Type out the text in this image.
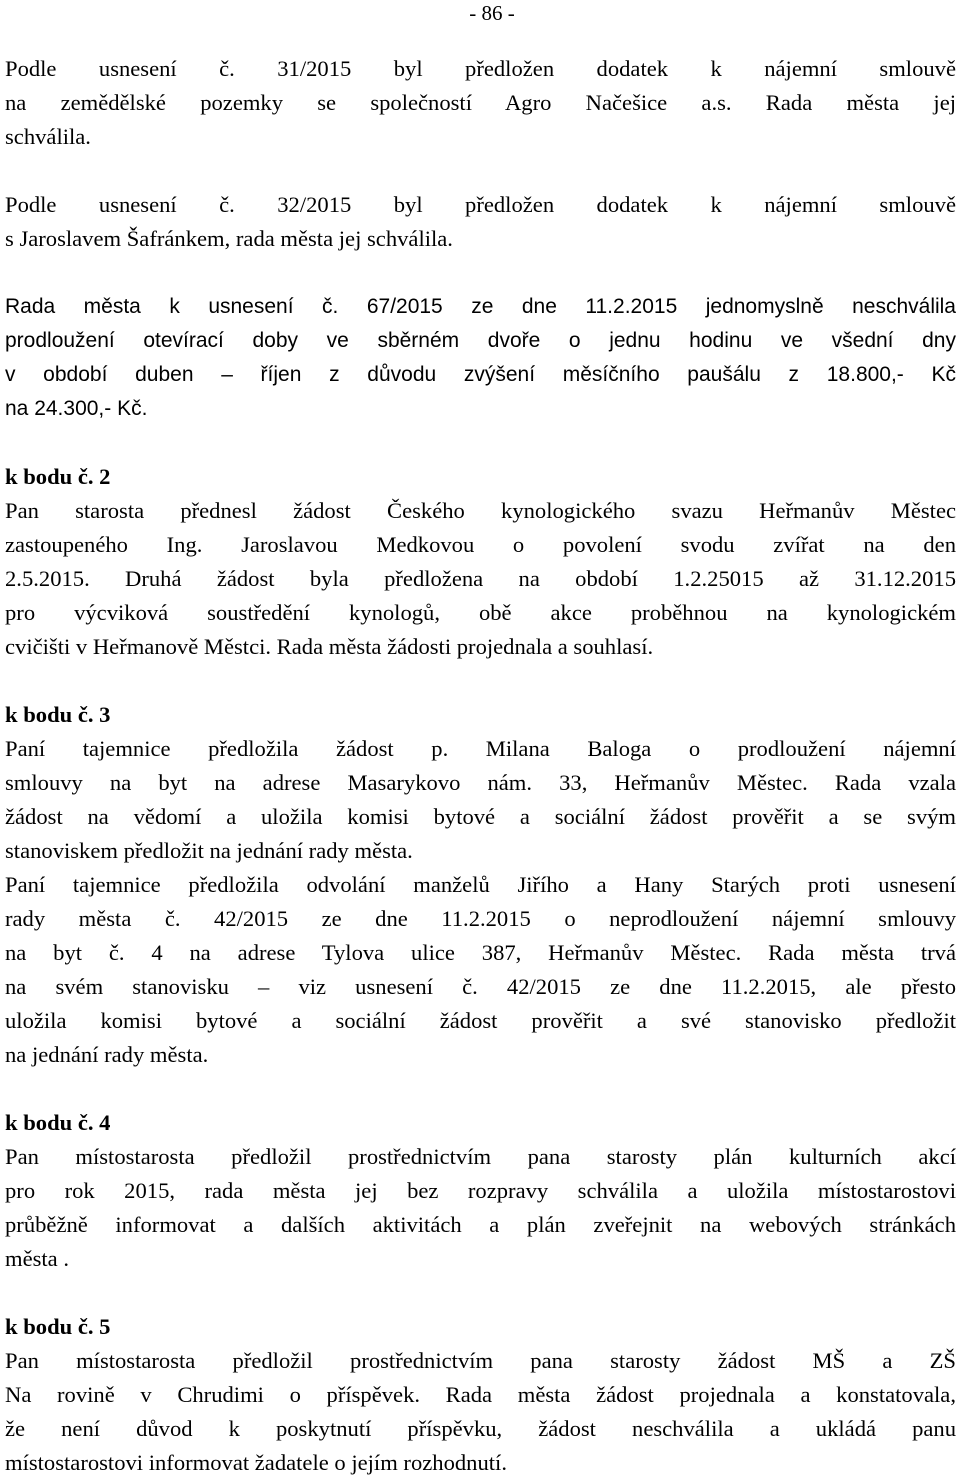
- 86 -

Podle usnesení č. 31/2015 byl předložen dodatek k nájemní smlouvě

na zemědělské pozemky se společností Agro Načešice a.s. Rada města jej

schválila.

Podle usnesení č. 32/2015 byl předložen dodatek k nájemní smlouvě

s Jaroslavem Šafránkem, rada města jej schválila.

Rada města k usnesení č. 67/2015 ze dne 11.2.2015 jednomyslně neschválila

prodloužení otevírací doby ve sběrném dvoře o jednu hodinu ve všední dny

v období duben – říjen z důvodu zvýšení měsíčního paušálu z 18.800,- Kč

na 24.300,- Kč.

k bodu č. 2

Pan starosta přednesl žádost Českého kynologického svazu Heřmanův Městec

zastoupeného Ing. Jaroslavou Medkovou o povolení svodu zvířat na den

2.5.2015. Druhá žádost byla předložena na období 1.2.25015 až 31.12.2015

pro výcviková soustředění kynologů, obě akce proběhnou na kynologickém

cvičišti v Heřmanově Městci. Rada města žádosti projednala a souhlasí.

k bodu č. 3

Paní tajemnice předložila žádost p. Milana Baloga o prodloužení nájemní

smlouvy na byt na adrese Masarykovo nám. 33, Heřmanův Městec. Rada vzala

žádost na vědomí a uložila komisi bytové a sociální žádost prověřit a se svým

stanoviskem předložit na jednání rady města.

Paní tajemnice předložila odvolání manželů Jiřího a Hany Starých proti usnesení

rady města č. 42/2015 ze dne 11.2.2015 o neprodloužení nájemní smlouvy

na byt č. 4 na adrese Tylova ulice 387, Heřmanův Městec. Rada města trvá

na svém stanovisku – viz usnesení č. 42/2015 ze dne 11.2.2015, ale přesto

uložila komisi bytové a sociální žádost prověřit a své stanovisko předložit

na jednání rady města.

k bodu č. 4

Pan místostarosta předložil prostřednictvím pana starosty plán kulturních akcí

pro rok 2015, rada města jej bez rozpravy schválila a uložila místostarostovi

průběžně informovat a dalších aktivitách a plán zveřejnit na webových stránkách

města .

k bodu č. 5

Pan místostarosta předložil prostřednictvím pana starosty žádost MŠ a ZŠ

Na rovině v Chrudimi o příspěvek. Rada města žádost projednala a konstatovala,

že není důvod k poskytnutí příspěvku, žádost neschválila a ukládá panu

místostarostovi informovat žadatele o jejím rozhodnutí.
